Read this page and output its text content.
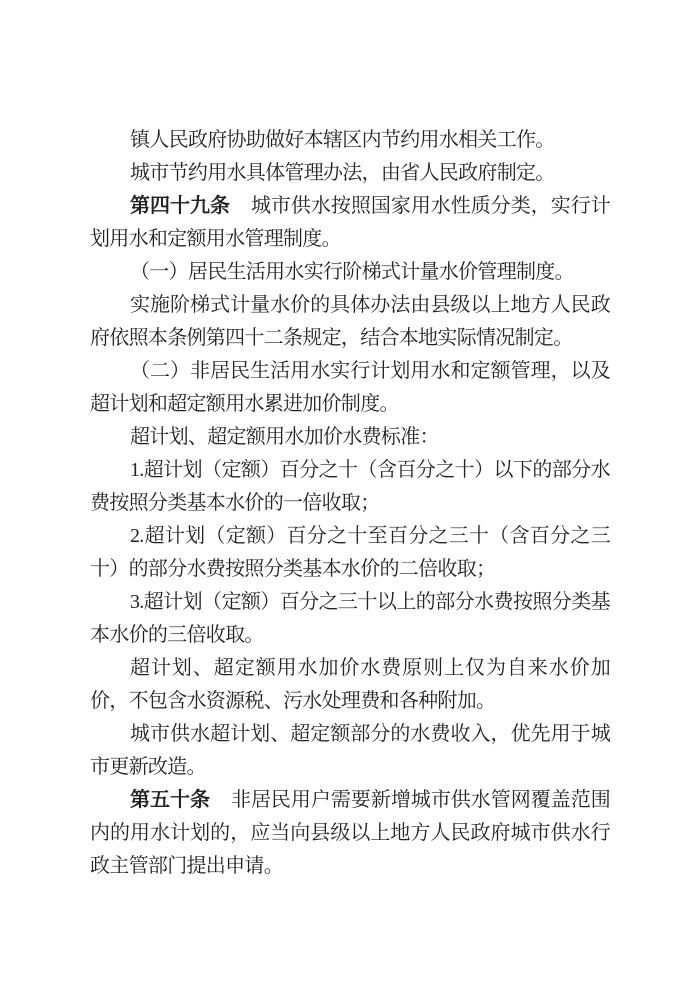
镇人民政府协助做好本辖区内节约用水相关工作。

城市节约用水具体管理办法，由省人民政府制定。

第四十九条 城市供水按照国家用水性质分类，实行计划用水和定额用水管理制度。

（一）居民生活用水实行阶梯式计量水价管理制度。

实施阶梯式计量水价的具体办法由县级以上地方人民政府依照本条例第四十二条规定，结合本地实际情况制定。

（二）非居民生活用水实行计划用水和定额管理，以及超计划和超定额用水累进加价制度。

超计划、超定额用水加价水费标准：

1.超计划（定额）百分之十（含百分之十）以下的部分水费按照分类基本水价的一倍收取；

2.超计划（定额）百分之十至百分之三十（含百分之三十）的部分水费按照分类基本水价的二倍收取；

3.超计划（定额）百分之三十以上的部分水费按照分类基本水价的三倍收取。

超计划、超定额用水加价水费原则上仅为自来水价加价，不包含水资源税、污水处理费和各种附加。

城市供水超计划、超定额部分的水费收入，优先用于城市更新改造。

第五十条 非居民用户需要新增城市供水管网覆盖范围内的用水计划的，应当向县级以上地方人民政府城市供水行政主管部门提出申请。
